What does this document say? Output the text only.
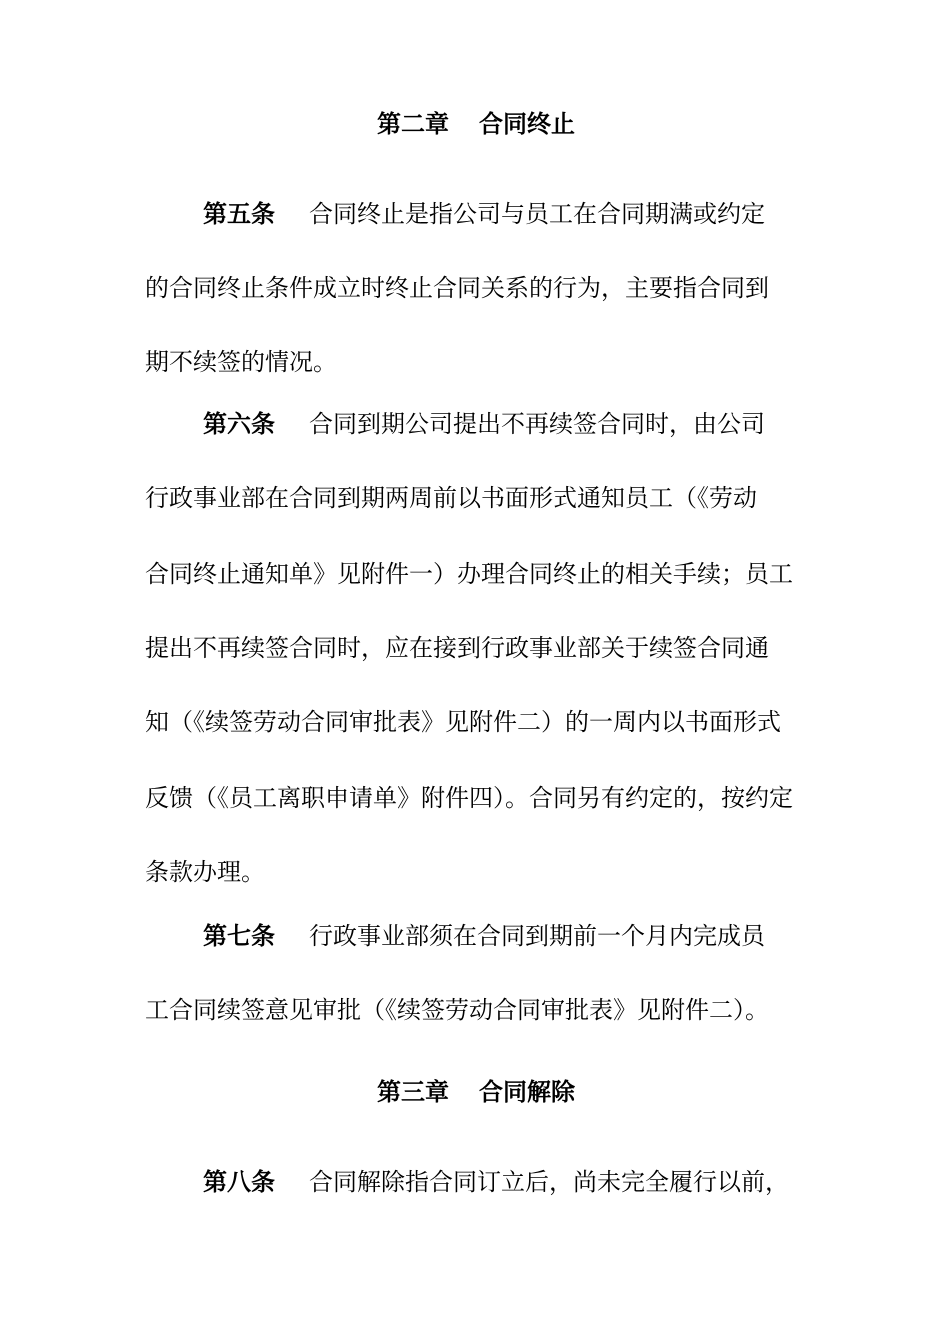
第二章 合同终止
第五条 合同终止是指公司与员工在合同期满或约定
的合同终止条件成立时终止合同关系的行为，主要指合同到
期不续签的情况。
第六条 合同到期公司提出不再续签合同时，由公司
行政事业部在合同到期两周前以书面形式通知员工（《劳动
合同终止通知单》见附件一）办理合同终止的相关手续；员工
提出不再续签合同时，应在接到行政事业部关于续签合同通
知（《续签劳动合同审批表》见附件二）的一周内以书面形式
反馈（《员工离职申请单》附件四）。合同另有约定的，按约定
条款办理。
第七条 行政事业部须在合同到期前一个月内完成员
工合同续签意见审批（《续签劳动合同审批表》见附件二）。
第三章 合同解除
第八条 合同解除指合同订立后，尚未完全履行以前，
